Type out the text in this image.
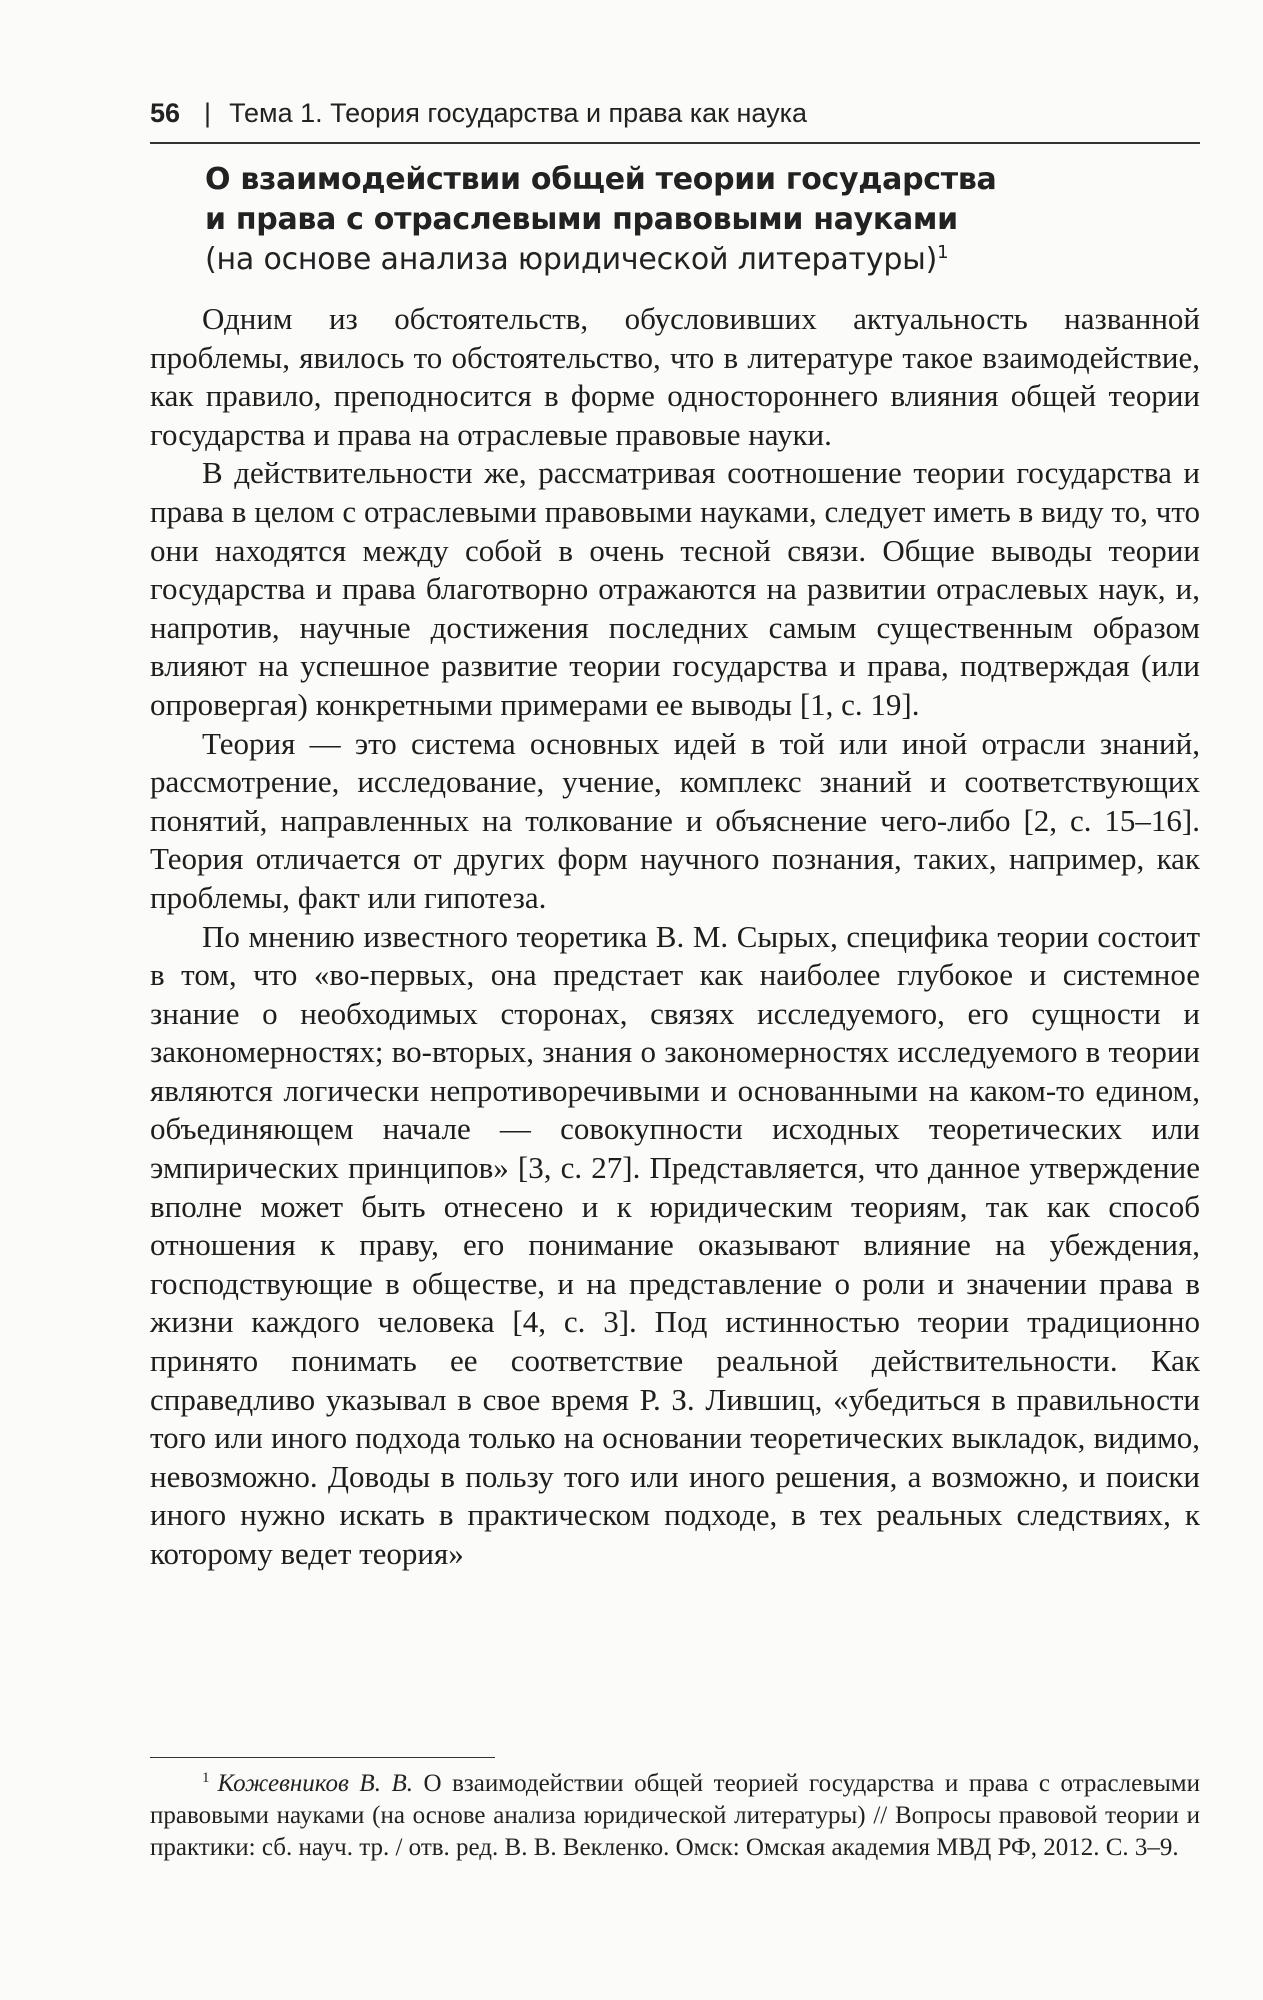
56 | Тема 1. Теория государства и права как наука
О взаимодействии общей теории государства
и права с отраслевыми правовыми науками
(на основе анализа юридической литературы)$^1$

Одним из обстоятельств, обусловивших актуальность названной проблемы, явилось то обстоятельство, что в литературе такое взаимодействие, как правило, преподносится в форме одностороннего влияния общей теории государства и права на отраслевые правовые науки.

В действительности же, рассматривая соотношение теории государства и права в целом с отраслевыми правовыми науками, следует иметь в виду то, что они находятся между собой в очень тесной связи. Общие выводы теории государства и права благотворно отражаются на развитии отраслевых наук, и, напротив, научные достижения последних самым существенным образом влияют на успешное развитие теории государства и права, подтверждая (или опровергая) конкретными примерами ее выводы [1, с. 19].

Теория — это система основных идей в той или иной отрасли знаний, рассмотрение, исследование, учение, комплекс знаний и соответствующих понятий, направленных на толкование и объяснение чего-либо [2, с. 15–16]. Теория отличается от других форм научного познания, таких, например, как проблемы, факт или гипотеза.

По мнению известного теоретика В. М. Сырых, специфика теории состоит в том, что «во-первых, она предстает как наиболее глубокое и системное знание о необходимых сторонах, связях исследуемого, его сущности и закономерностях; во-вторых, знания о закономерностях исследуемого в теории являются логически непротиворечивыми и основанными на каком-то едином, объединяющем начале — совокупности исходных теоретических или эмпирических принципов» [3, с. 27]. Представляется, что данное утверждение вполне может быть отнесено и к юридическим теориям, так как способ отношения к праву, его понимание оказывают влияние на убеждения, господствующие в обществе, и на представление о роли и значении права в жизни каждого человека [4, с. 3]. Под истинностью теории традиционно принято понимать ее соответствие реальной действительности. Как справедливо указывал в свое время Р. З. Лившиц, «убедиться в правильности того или иного подхода только на основании теоретических выкладок, видимо, невозможно. Доводы в пользу того или иного решения, а возможно, и поиски иного нужно искать в практическом подходе, в тех реальных следствиях, к которому ведет теория»

$^1$ Кожевников В. В. О взаимодействии общей теорией государства и права с отраслевыми правовыми науками (на основе анализа юридической литературы) // Вопросы правовой теории и практики: сб. науч. тр. / отв. ред. В. В. Векленко. Омск: Омская академия МВД РФ, 2012. С. 3–9.
